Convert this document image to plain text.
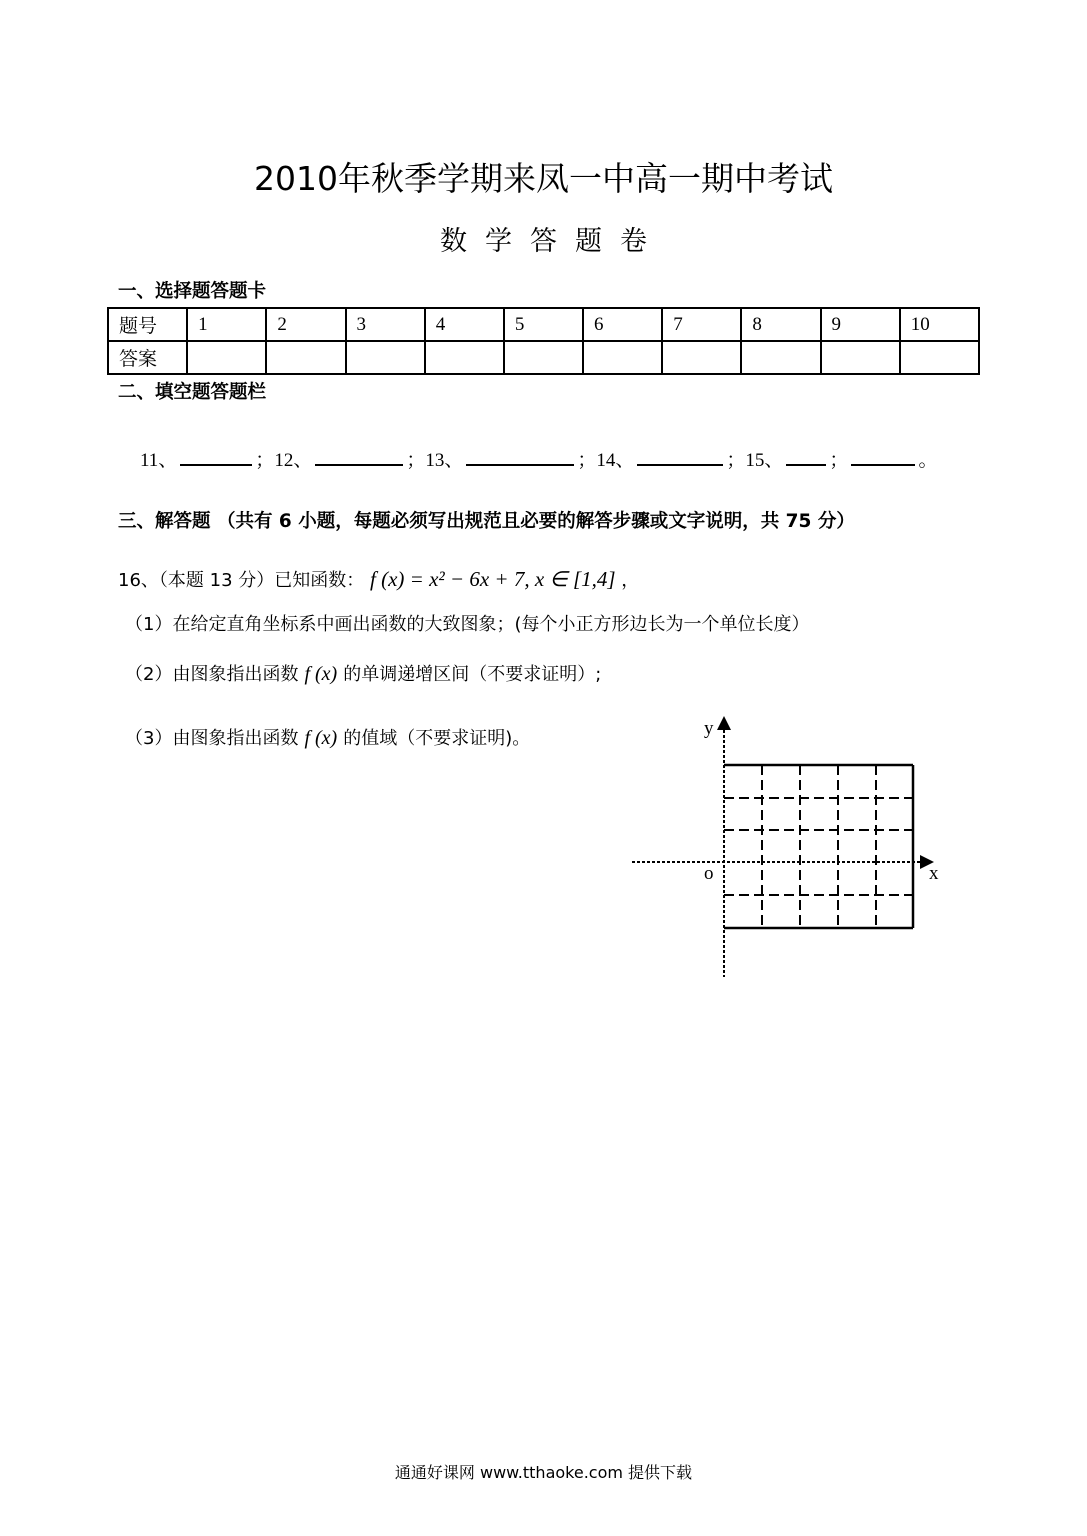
2010年秋季学期来凤一中高一期中考试
数学答题卷
一、选择题答题卡
题号	1	2	3	4	5	6	7	8	9	10
答案										
二、填空题答题栏
11、	； 12、	； 13、	； 14、	； 15、 ；	。
三、解答题 （共有 6 小题，每题必须写出规范且必要的解答步骤或文字说明，共 75 分）
16、（本题 13 分）已知函数： f (x) = x² − 6x + 7, x ∈ [1,4] ，
（1）在给定直角坐标系中画出函数的大致图象；(每个小正方形边长为一个单位长度）
（2）由图象指出函数 f (x) 的单调递增区间（不要求证明）;
（3）由图象指出函数 f (x) 的值域（不要求证明)。	y
x
o
通通好课网 www.tthaoke.com 提供下载
